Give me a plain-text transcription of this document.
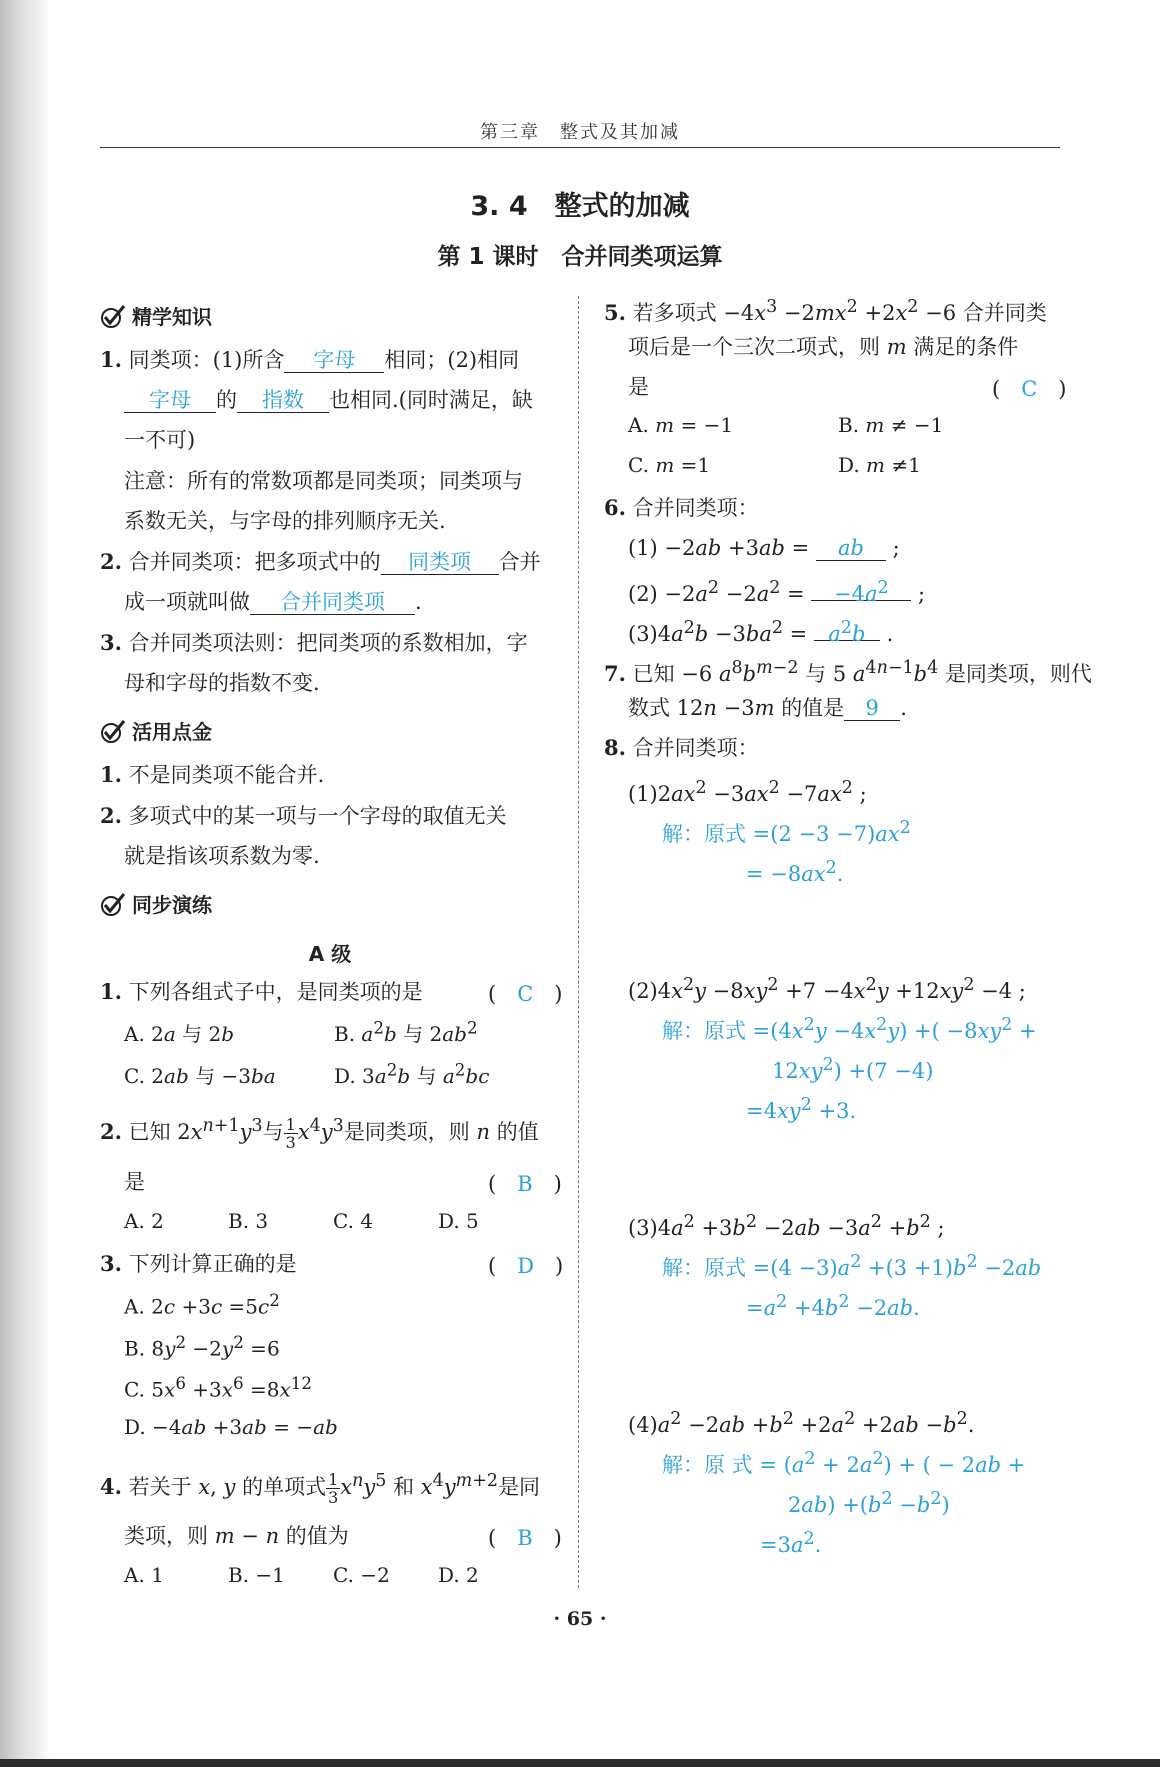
第三章　整式及其加减
3. 4　整式的加减
第 1 课时　合并同类项运算
精学知识
1. 同类项：(1)所含 字母 相同；(2)相同
字母 的 指数 也相同.(同时满足，缺
一不可)
注意：所有的常数项都是同类项；同类项与
系数无关，与字母的排列顺序无关.
2. 合并同类项：把多项式中的 同类项 合并
成一项就叫做 合并同类项 .
3. 合并同类项法则：把同类项的系数相加，字
母和字母的指数不变.
活用点金
1. 不是同类项不能合并.
2. 多项式中的某一项与一个字母的取值无关
就是指该项系数为零.
同步演练
A 级
1. 下列各组式子中，是同类项的是	(　C　)
A. 2a 与 2b	B. $a^2b$ 与 $2ab^2$
C. 2ab 与 −3ba	D. $3a^2b$ 与 $a^2bc$
2. 已知 $2x^{n+1}y^3$与 $\frac{1}{3} x^4y^3$是同类项，则 n 的值
是	(　B　)
A. 2	B. 3	C. 4	D. 5
3. 下列计算正确的是	(　D　)
A. $2c +3c =5c^2$
B. $8y^2 -2y^2 =6$
C. $5x^6 +3x^6 =8x^{12}$
D. −4ab +3ab = −ab
4. 若关于 x, y 的单项式 $\frac{1}{3} x^ny^5$ 和 $x^4y^{m+2}$是同
类项，则 m − n 的值为	(　B　)
A. 1	B. −1 C. −2 D. 2
5. 若多项式 $-4x^3 -2mx^2 +2x^2 -6$ 合并同类
项后是一个三次二项式，则 m 满足的条件
是	(　C　)
A. m = −1	B. m ≠ −1
C. m =1	D. m ≠1
6. 合并同类项：
(1) −2ab +3ab = ab ;
$(2) -2a^2 -2a^2 = -4a^2$ ;
$(3)4a^2b -3ba^2 = a^2b$ .
7. 已知 −6 $a^8b^{m-2}$ 与 5 $a^{4n-1}b^4$ 是同类项，则代
数式 12n −3m 的值是 9 .
8. 合并同类项：
$(1)2ax^2 -3ax^2 -7ax^2$ ;
解：原式 $=(2 -3 -7)ax^2$
= $-8ax^2$.
$(2)4x^2y -8xy^2 +7 -4x^2y +12xy^2 -4$ ;
解：原式 $=(4x^2y -4x^2y)$ +( $-8xy^2$ +
$12xy^2) +(7 -4)$
$=4xy^2 +3$.
$(3)4a^2 +3b^2 -2ab -3a^2 +b^2$ ;
解：原式 $=(4 -3)a^2 +(3 +1)b^2 -2ab$
$=a^2 +4b^2 -2ab$.
$(4)a^2 -2ab +b^2 +2a^2 +2ab -b^2$.
解：原 式 = $(a^2 + 2a^2)$ + ( − 2ab +
$2ab) +(b^2 -b^2)$
$=3a^2$.
· 65 ·
